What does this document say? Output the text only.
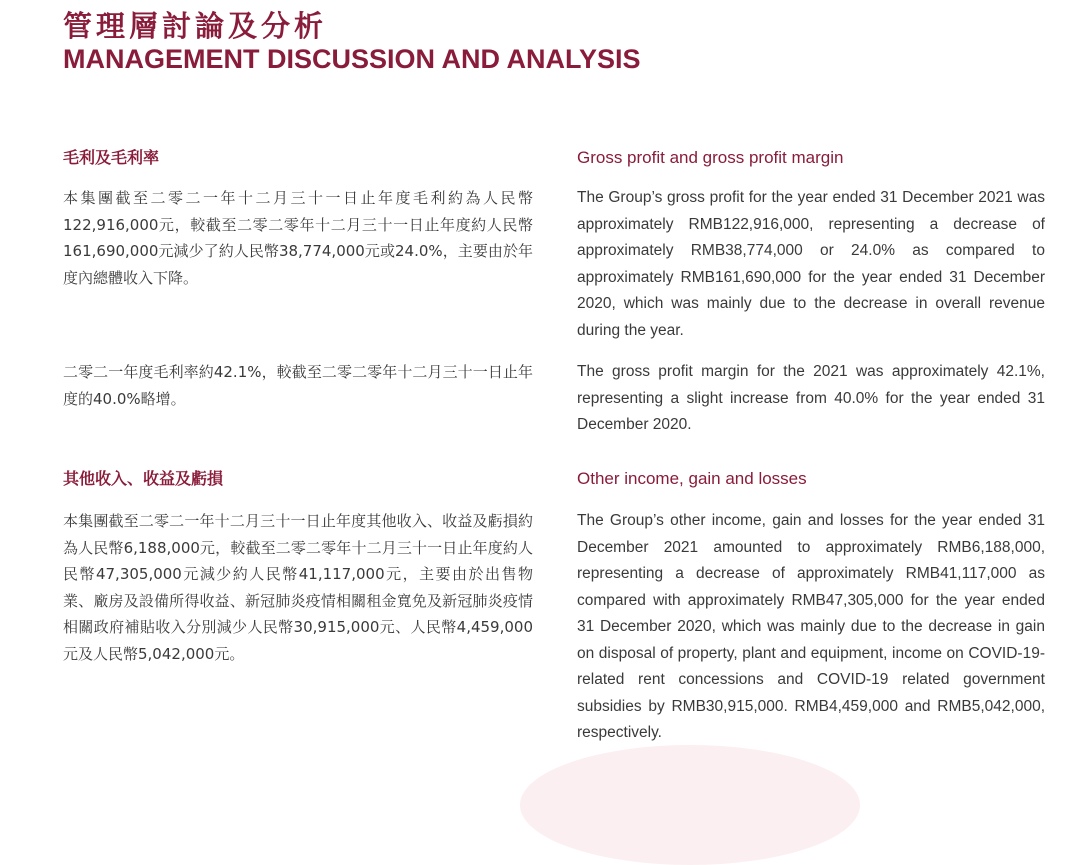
管理層討論及分析
MANAGEMENT DISCUSSION AND ANALYSIS
毛利及毛利率	Gross profit and gross profit margin
本集團截至二零二一年十二月三十一日止年度毛利約為人民幣122,916,000元，較截至二零二零年十二月三十一日止年度約人民幣161,690,000元減少了約人民幣38,774,000元或24.0%，主要由於年度內總體收入下降。
The Group’s gross profit for the year ended 31 December 2021 was approximately RMB122,916,000, representing a decrease of approximately RMB38,774,000 or 24.0% as compared to approximately RMB161,690,000 for the year ended 31 December 2020, which was mainly due to the decrease in overall revenue during the year.
二零二一年度毛利率約42.1%，較截至二零二零年十二月三十一日止年度的40.0%略增。
The gross profit margin for the 2021 was approximately 42.1%, representing a slight increase from 40.0% for the year ended 31 December 2020.
其他收入、收益及虧損	Other income, gain and losses
本集團截至二零二一年十二月三十一日止年度其他收入、收益及虧損約為人民幣6,188,000元，較截至二零二零年十二月三十一日止年度約人民幣47,305,000元減少約人民幣41,117,000元，主要由於出售物業、廠房及設備所得收益、新冠肺炎疫情相關租金寬免及新冠肺炎疫情相關政府補貼收入分別減少人民幣30,915,000元、人民幣4,459,000元及人民幣5,042,000元。
The Group’s other income, gain and losses for the year ended 31 December 2021 amounted to approximately RMB6,188,000, representing a decrease of approximately RMB41,117,000 as compared with approximately RMB47,305,000 for the year ended 31 December 2020, which was mainly due to the decrease in gain on disposal of property, plant and equipment, income on COVID-19-related rent concessions and COVID-19 related government subsidies by RMB30,915,000. RMB4,459,000 and RMB5,042,000, respectively.
